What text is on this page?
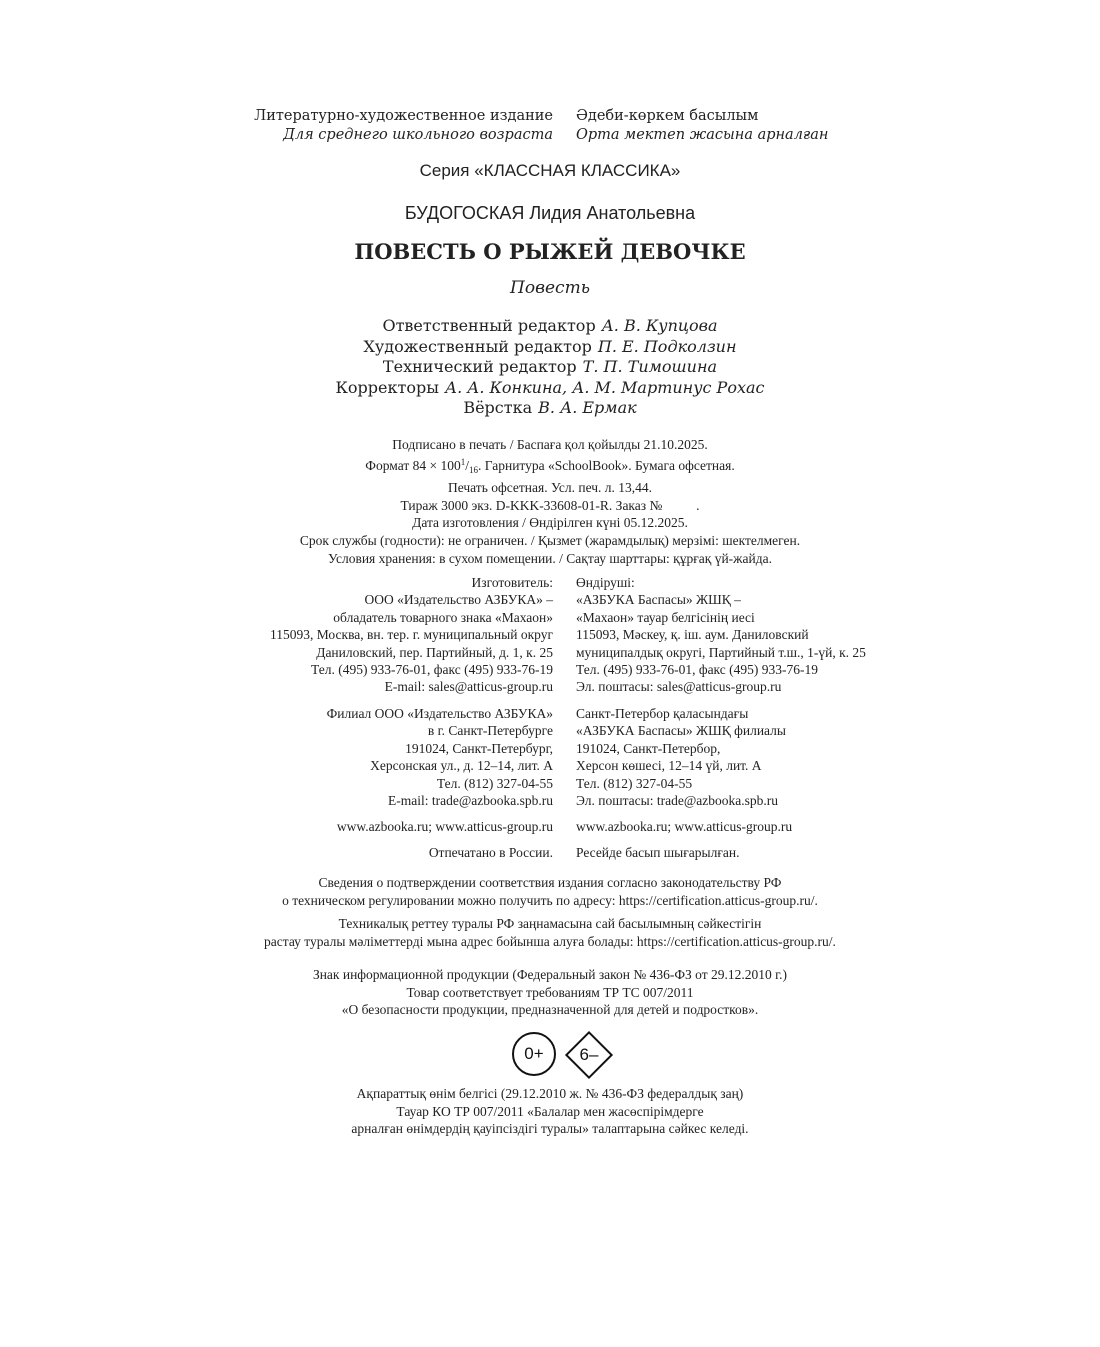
Литературно-художественное издание
Для среднего школьного возраста
Әдеби-көркем басылым
Орта мектеп жасына арналған
Серия «КЛАССНАЯ КЛАССИКА»
БУДОГОСКАЯ Лидия Анатольевна
ПОВЕСТЬ О РЫЖЕЙ ДЕВОЧКЕ
Повесть
Ответственный редактор А. В. Купцова
Художественный редактор П. Е. Подколзин
Технический редактор Т. П. Тимошина
Корректоры А. А. Конкина, А. М. Мартинус Рохас
Вёрстка В. А. Ермак
Подписано в печать / Баспаға қол қойылды 21.10.2025.
Формат $84 \times 100^1/_{16}$. Гарнитура «SchoolBook». Бумага офсетная.
Печать офсетная. Усл. печ. л. 13,44.
Тираж 3000 экз. D-KKK-33608-01-R. Заказ №          .
Дата изготовления / Өндірілген күні 05.12.2025.
Срок службы (годности): не ограничен. / Қызмет (жарамдылық) мерзімі: шектелмеген.
Условия хранения: в сухом помещении. / Сақтау шарттары: құрғақ үй-жайда.
Изготовитель:
ООО «Издательство АЗБУКА» –
обладатель товарного знака «Махаон»
115093, Москва, вн. тер. г. муниципальный округ
Даниловский, пер. Партийный, д. 1, к. 25
Тел. (495) 933-76-01, факс (495) 933-76-19
E-mail: sales@atticus-group.ru
Өндіруші:
«АЗБУКА Баспасы» ЖШҚ –
«Махаон» тауар белгісінің иесі
115093, Мәскеу, қ. іш. аум. Даниловский
муниципалдық округі, Партийный т.ш., 1-үй, к. 25
Тел. (495) 933-76-01, факс (495) 933-76-19
Эл. поштасы: sales@atticus-group.ru
Филиал ООО «Издательство АЗБУКА»
в г. Санкт-Петербурге
191024, Санкт-Петербург,
Херсонская ул., д. 12–14, лит. А
Тел. (812) 327-04-55
E-mail: trade@azbooka.spb.ru
Санкт-Петербор қаласындағы
«АЗБУКА Баспасы» ЖШҚ филиалы
191024, Санкт-Петербор,
Херсон көшесі, 12–14 үй, лит. А
Тел. (812) 327-04-55
Эл. поштасы: trade@azbooka.spb.ru
www.azbooka.ru; www.atticus-group.ru www.azbooka.ru; www.atticus-group.ru
Отпечатано в России. Ресейде басып шығарылған.
Сведения о подтверждении соответствия издания согласно законодательству РФ
о техническом регулировании можно получить по адресу: https://certification.atticus-group.ru/.
Техникалық реттеу туралы РФ заңнамасына сай басылымның сәйкестігін
растау туралы мәліметтерді мына адрес бойынша алуға болады: https://certification.atticus-group.ru/.
Знак информационной продукции (Федеральный закон № 436-ФЗ от 29.12.2010 г.)
Товар соответствует требованиям ТР ТС 007/2011
«О безопасности продукции, предназначенной для детей и подростков».
0+	6–
Ақпараттық өнім белгісі (29.12.2010 ж. № 436-ФЗ федералдық заң)
Тауар КО ТР 007/2011 «Балалар мен жасөспірімдерге
арналған өнімдердің қауіпсіздігі туралы» талаптарына сәйкес келеді.
